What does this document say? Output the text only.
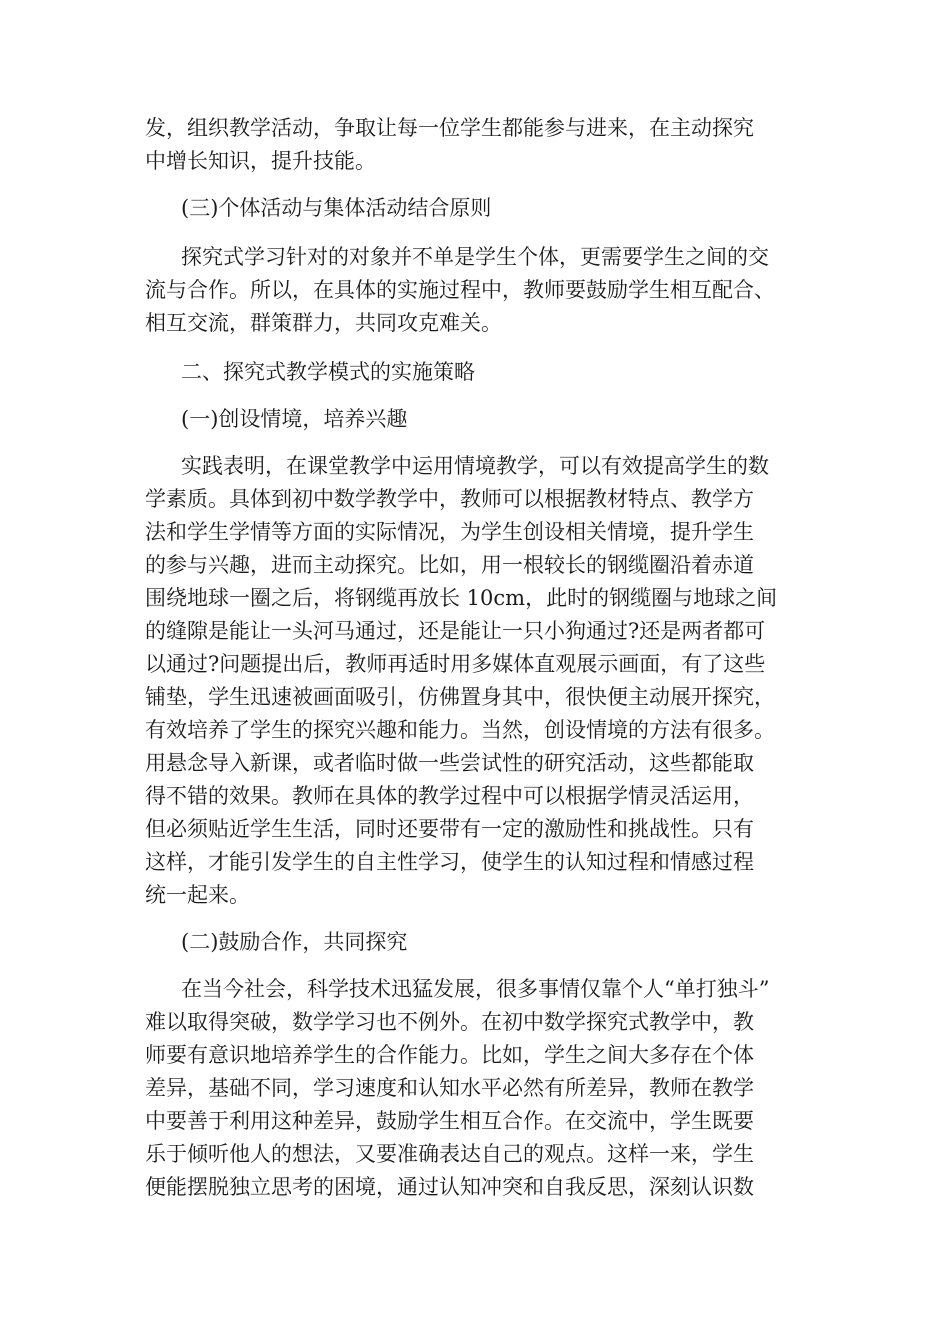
发，组织教学活动，争取让每一位学生都能参与进来，在主动探究
中增长知识，提升技能。

(三)个体活动与集体活动结合原则

探究式学习针对的对象并不单是学生个体，更需要学生之间的交
流与合作。所以，在具体的实施过程中，教师要鼓励学生相互配合、
相互交流，群策群力，共同攻克难关。

二、探究式教学模式的实施策略

(一)创设情境，培养兴趣

实践表明，在课堂教学中运用情境教学，可以有效提高学生的数
学素质。具体到初中数学教学中，教师可以根据教材特点、教学方
法和学生学情等方面的实际情况，为学生创设相关情境，提升学生
的参与兴趣，进而主动探究。比如，用一根较长的钢缆圈沿着赤道
围绕地球一圈之后，将钢缆再放长 10cm，此时的钢缆圈与地球之间
的缝隙是能让一头河马通过，还是能让一只小狗通过?还是两者都可
以通过?问题提出后，教师再适时用多媒体直观展示画面，有了这些
铺垫，学生迅速被画面吸引，仿佛置身其中，很快便主动展开探究，
有效培养了学生的探究兴趣和能力。当然，创设情境的方法有很多。
用悬念导入新课，或者临时做一些尝试性的研究活动，这些都能取
得不错的效果。教师在具体的教学过程中可以根据学情灵活运用，
但必须贴近学生生活，同时还要带有一定的激励性和挑战性。只有
这样，才能引发学生的自主性学习，使学生的认知过程和情感过程
统一起来。

(二)鼓励合作，共同探究

在当今社会，科学技术迅猛发展，很多事情仅靠个人“单打独斗”
难以取得突破，数学学习也不例外。在初中数学探究式教学中，教
师要有意识地培养学生的合作能力。比如，学生之间大多存在个体
差异，基础不同，学习速度和认知水平必然有所差异，教师在教学
中要善于利用这种差异，鼓励学生相互合作。在交流中，学生既要
乐于倾听他人的想法，又要准确表达自己的观点。这样一来，学生
便能摆脱独立思考的困境，通过认知冲突和自我反思，深刻认识数
